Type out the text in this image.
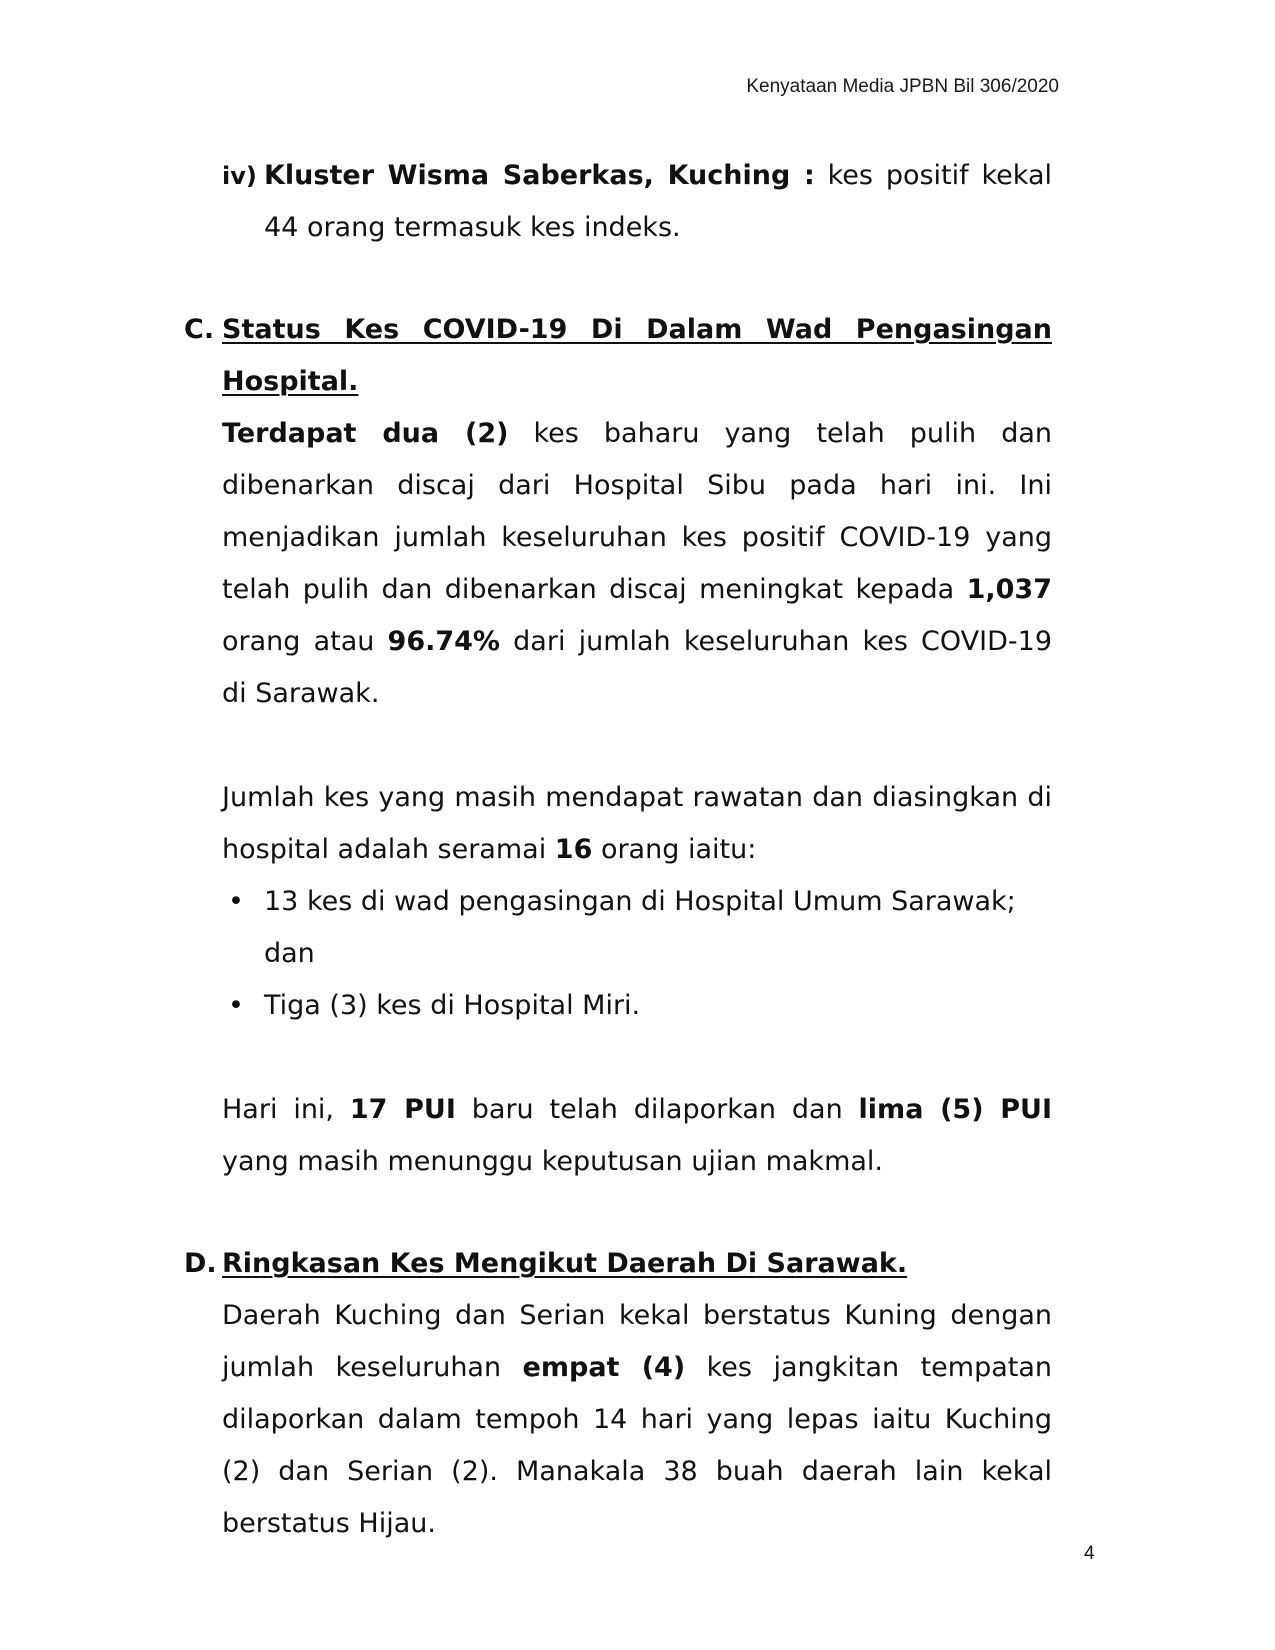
Kenyataan Media JPBN Bil 306/2020
iv) Kluster Wisma Saberkas, Kuching : kes positif kekal 44 orang termasuk kes indeks.
C. Status Kes COVID-19 Di Dalam Wad Pengasingan Hospital.

Terdapat dua (2) kes baharu yang telah pulih dan dibenarkan discaj dari Hospital Sibu pada hari ini. Ini menjadikan jumlah keseluruhan kes positif COVID-19 yang telah pulih dan dibenarkan discaj meningkat kepada 1,037 orang atau 96.74% dari jumlah keseluruhan kes COVID-19 di Sarawak.

Jumlah kes yang masih mendapat rawatan dan diasingkan di hospital adalah seramai 16 orang iaitu:

• 13 kes di wad pengasingan di Hospital Umum Sarawak; dan
• Tiga (3) kes di Hospital Miri.

Hari ini, 17 PUI baru telah dilaporkan dan lima (5) PUI yang masih menunggu keputusan ujian makmal.

D. Ringkasan Kes Mengikut Daerah Di Sarawak.

Daerah Kuching dan Serian kekal berstatus Kuning dengan jumlah keseluruhan empat (4) kes jangkitan tempatan dilaporkan dalam tempoh 14 hari yang lepas iaitu Kuching (2) dan Serian (2). Manakala 38 buah daerah lain kekal berstatus Hijau.

4
